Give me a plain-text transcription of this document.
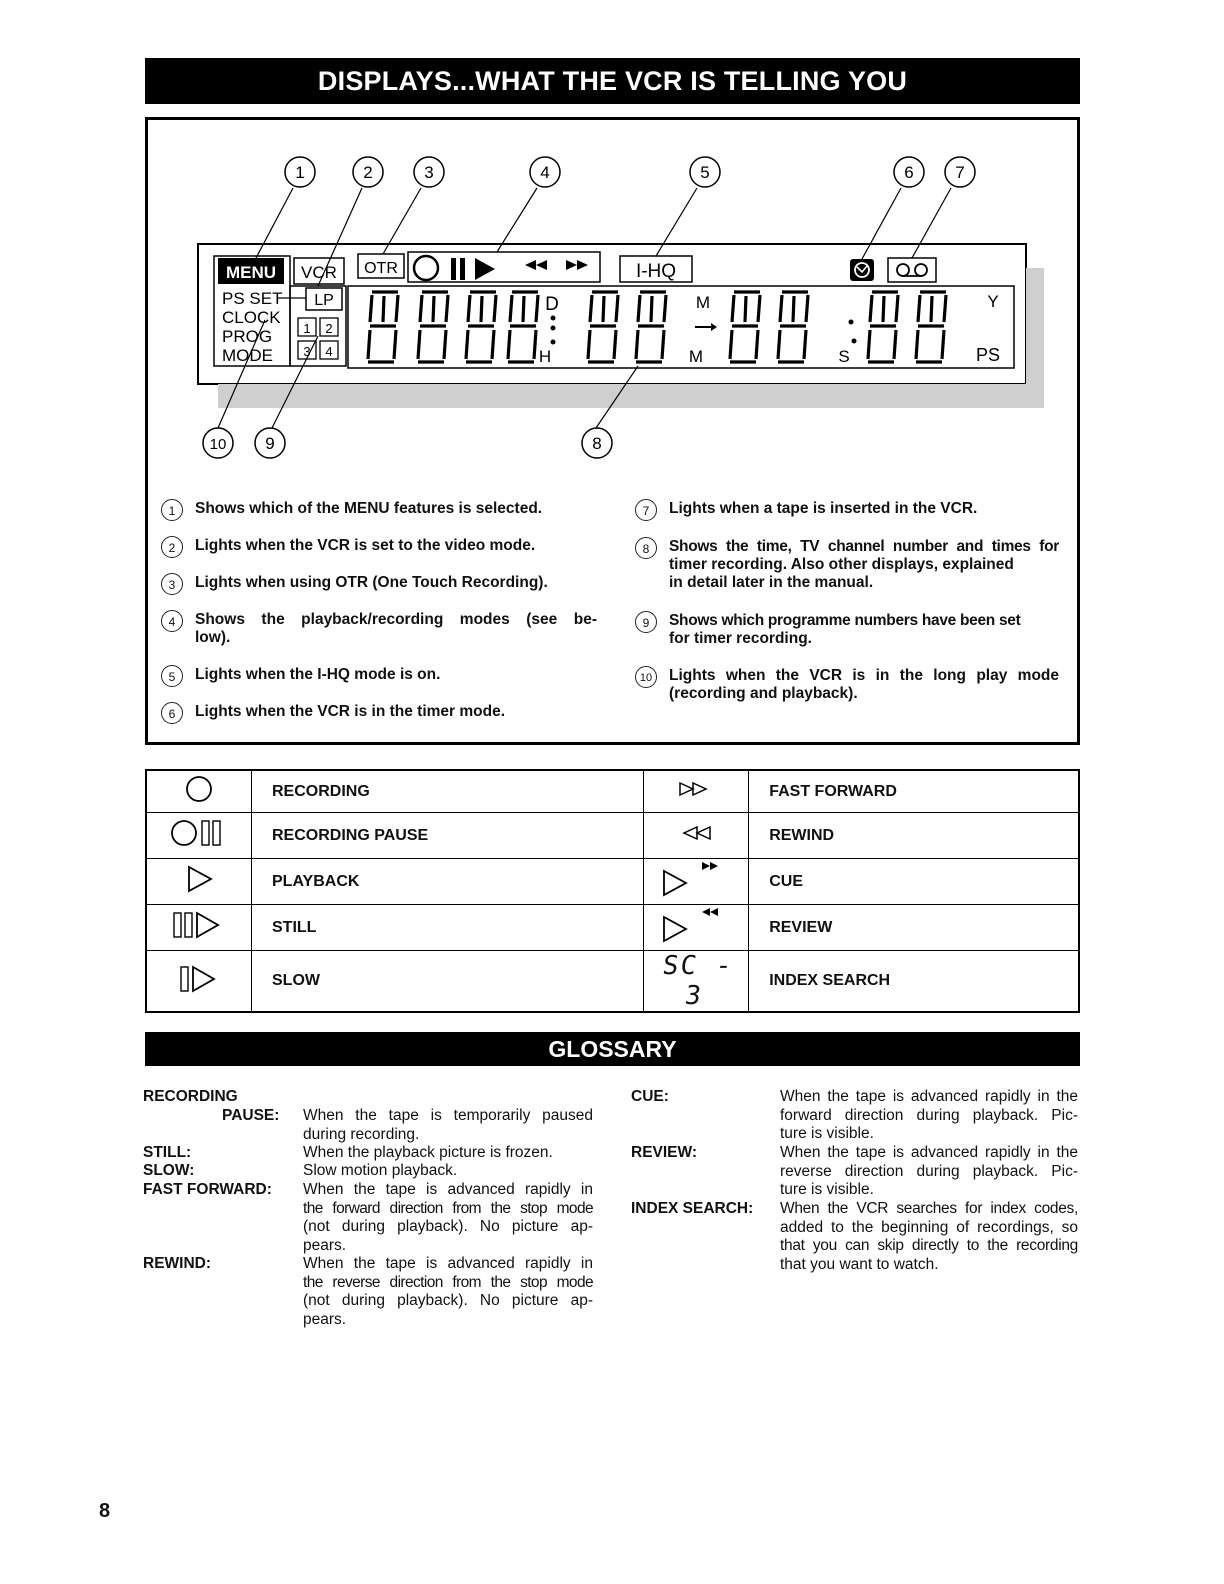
DISPLAYS...WHAT THE VCR IS TELLING YOU
MENU VCR
LP
1 2
3 4
PS SET
CLOCK
PROG
MODE
OTR	I-HQ
D
H
M
M	S
Y
PS
1	2	3	4	5	6 7
8
9
10
1	Shows which of the MENU features is selected.
2	Lights when the VCR is set to the video mode.
3	Lights when using OTR (One Touch Recording).
4	Shows the playback/recording modes (see be-
low).
5	Lights when the I-HQ mode is on.
6	Lights when the VCR is in the timer mode.
7	Lights when a tape is inserted in the VCR.
8	Shows the time, TV channel number and times for
timer recording. Also other displays, explained
in detail later in the manual.
9	Shows which programme numbers have been set
for timer recording.
10	Lights when the VCR is in the long play mode
(recording and playback).
	RECORDING		FAST FORWARD
	RECORDING PAUSE		REWIND
	PLAYBACK		CUE
	STILL		REVIEW
	SLOW	SC - 3	INDEX SEARCH
GLOSSARY
RECORDING
PAUSE: When the tape is temporarily paused
during recording.
STILL:	When the playback picture is frozen.
SLOW:	Slow motion playback.
FAST FORWARD: When the tape is advanced rapidly in
the forward direction from the stop mode
(not during playback). No picture ap-
pears.
REWIND:	When the tape is advanced rapidly in
the reverse direction from the stop mode
(not during playback). No picture ap-
pears.
CUE:	When the tape is advanced rapidly in the
forward direction during playback. Pic-
ture is visible.
REVIEW:	When the tape is advanced rapidly in the
reverse direction during playback. Pic-
ture is visible.
INDEX SEARCH: When the VCR searches for index codes,
added to the beginning of recordings, so
that you can skip directly to the recording
that you want to watch.
8
